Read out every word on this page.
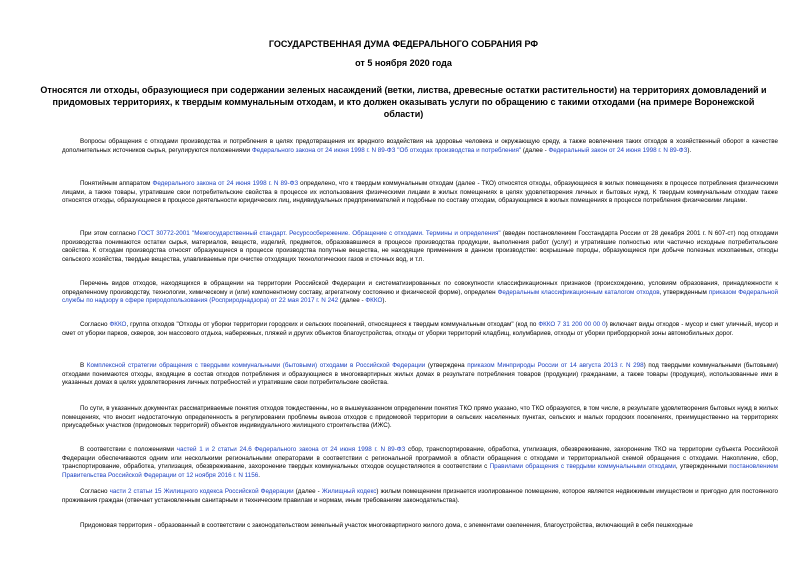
ГОСУДАРСТВЕННАЯ ДУМА ФЕДЕРАЛЬНОГО СОБРАНИЯ РФ
от 5 ноября 2020 года
Относятся ли отходы, образующиеся при содержании зеленых насаждений (ветки, листва, древесные остатки растительности) на территориях домовладений и придомовых территориях, к твердым коммунальным отходам, и кто должен оказывать услуги по обращению с такими отходами (на примере Воронежской области)
Вопросы обращения с отходами производства и потребления в целях предотвращения их вредного воздействия на здоровье человека и окружающую среду, а также вовлечения таких отходов в хозяйственный оборот в качестве дополнительных источников сырья, регулируются положениями Федерального закона от 24 июня 1998 г. N 89-ФЗ "Об отходах производства и потребления" (далее - Федеральный закон от 24 июня 1998 г. N 89-ФЗ).
Понятийным аппаратом Федерального закона от 24 июня 1998 г. N 89-ФЗ определено, что к твердым коммунальным отходам (далее - ТКО) относятся отходы, образующиеся в жилых помещениях в процессе потребления физическими лицами, а также товары, утратившие свои потребительские свойства в процессе их использования физическими лицами в жилых помещениях в целях удовлетворения личных и бытовых нужд. К твердым коммунальным отходам также относятся отходы, образующиеся в процессе деятельности юридических лиц, индивидуальных предпринимателей и подобные по составу отходам, образующимся в жилых помещениях в процессе потребления физическими лицами.
При этом согласно ГОСТ 30772-2001 "Межгосударственный стандарт. Ресурсосбережение. Обращение с отходами. Термины и определения" (введен постановлением Госстандарта России от 28 декабря 2001 г. N 607-ст) под отходами производства понимаются остатки сырья, материалов, веществ, изделий, предметов, образовавшиеся в процессе производства продукции, выполнения работ (услуг) и утратившие полностью или частично исходные потребительские свойства. К отходам производства относят образующиеся в процессе производства попутные вещества, не находящие применения в данном производстве: вскрышные породы, образующиеся при добыче полезных ископаемых, отходы сельского хозяйства, твердые вещества, улавливаемые при очистке отходящих технологических газов и сточных вод, и т.п.
Перечень видов отходов, находящихся в обращении на территории Российской Федерации и систематизированных по совокупности классификационных признаков (происхождению, условиям образования, принадлежности к определенному производству, технологии, химическому и (или) компонентному составу, агрегатному состоянию и физической форме), определен Федеральным классификационным каталогом отходов, утвержденным приказом Федеральной службы по надзору в сфере природопользования (Росприроднадзора) от 22 мая 2017 г. N 242 (далее - ФККО).
Согласно ФККО, группа отходов "Отходы от уборки территории городских и сельских поселений, относящиеся к твердым коммунальным отходам" (код по ФККО 7 31 200 00 00 0) включает виды отходов - мусор и смет уличный, мусор и смет от уборки парков, скверов, зон массового отдыха, набережных, пляжей и других объектов благоустройства, отходы от уборки территорий кладбищ, колумбариев, отходы от уборки прибордюрной зоны автомобильных дорог.
В Комплексной стратегии обращения с твердыми коммунальными (бытовыми) отходами в Российской Федерации (утверждена приказом Минприроды России от 14 августа 2013 г. N 298) под твердыми коммунальными (бытовыми) отходами понимаются отходы, входящие в состав отходов потребления и образующиеся в многоквартирных жилых домах в результате потребления товаров (продукции) гражданами, а также товары (продукция), использованные ими в указанных домах в целях удовлетворения личных потребностей и утратившие свои потребительские свойства.
По сути, в указанных документах рассматриваемые понятия отходов тождественны, но в вышеуказанном определении понятия ТКО прямо указано, что ТКО образуются, в том числе, в результате удовлетворения бытовых нужд в жилых помещениях, что вносит недостаточную определенность в регулировании проблемы вывоза отходов с придомовой территории в сельских населенных пунктах, сельских и малых городских поселениях, преимущественно на территориях приусадебных участков (придомовых территорий) объектов индивидуального жилищного строительства (ИЖС).
В соответствии с положениями частей 1 и 2 статьи 24.6 Федерального закона от 24 июня 1998 г. N 89-ФЗ сбор, транспортирование, обработка, утилизация, обезвреживание, захоронение ТКО на территории субъекта Российской Федерации обеспечиваются одним или несколькими региональными операторами в соответствии с региональной программой в области обращения с отходами и территориальной схемой обращения с отходами. Накопление, сбор, транспортирование, обработка, утилизация, обезвреживание, захоронение твердых коммунальных отходов осуществляются в соответствии с Правилами обращения с твердыми коммунальными отходами, утвержденными постановлением Правительства Российской Федерации от 12 ноября 2016 г. N 1156.
Согласно части 2 статьи 15 Жилищного кодекса Российской Федерации (далее - Жилищный кодекс) жилым помещением признается изолированное помещение, которое является недвижимым имуществом и пригодно для постоянного проживания граждан (отвечает установленным санитарным и техническим правилам и нормам, иным требованиям законодательства).
Придомовая территория - образованный в соответствии с законодательством земельный участок многоквартирного жилого дома, с элементами озеленения, благоустройства, включающий в себя пешеходные
